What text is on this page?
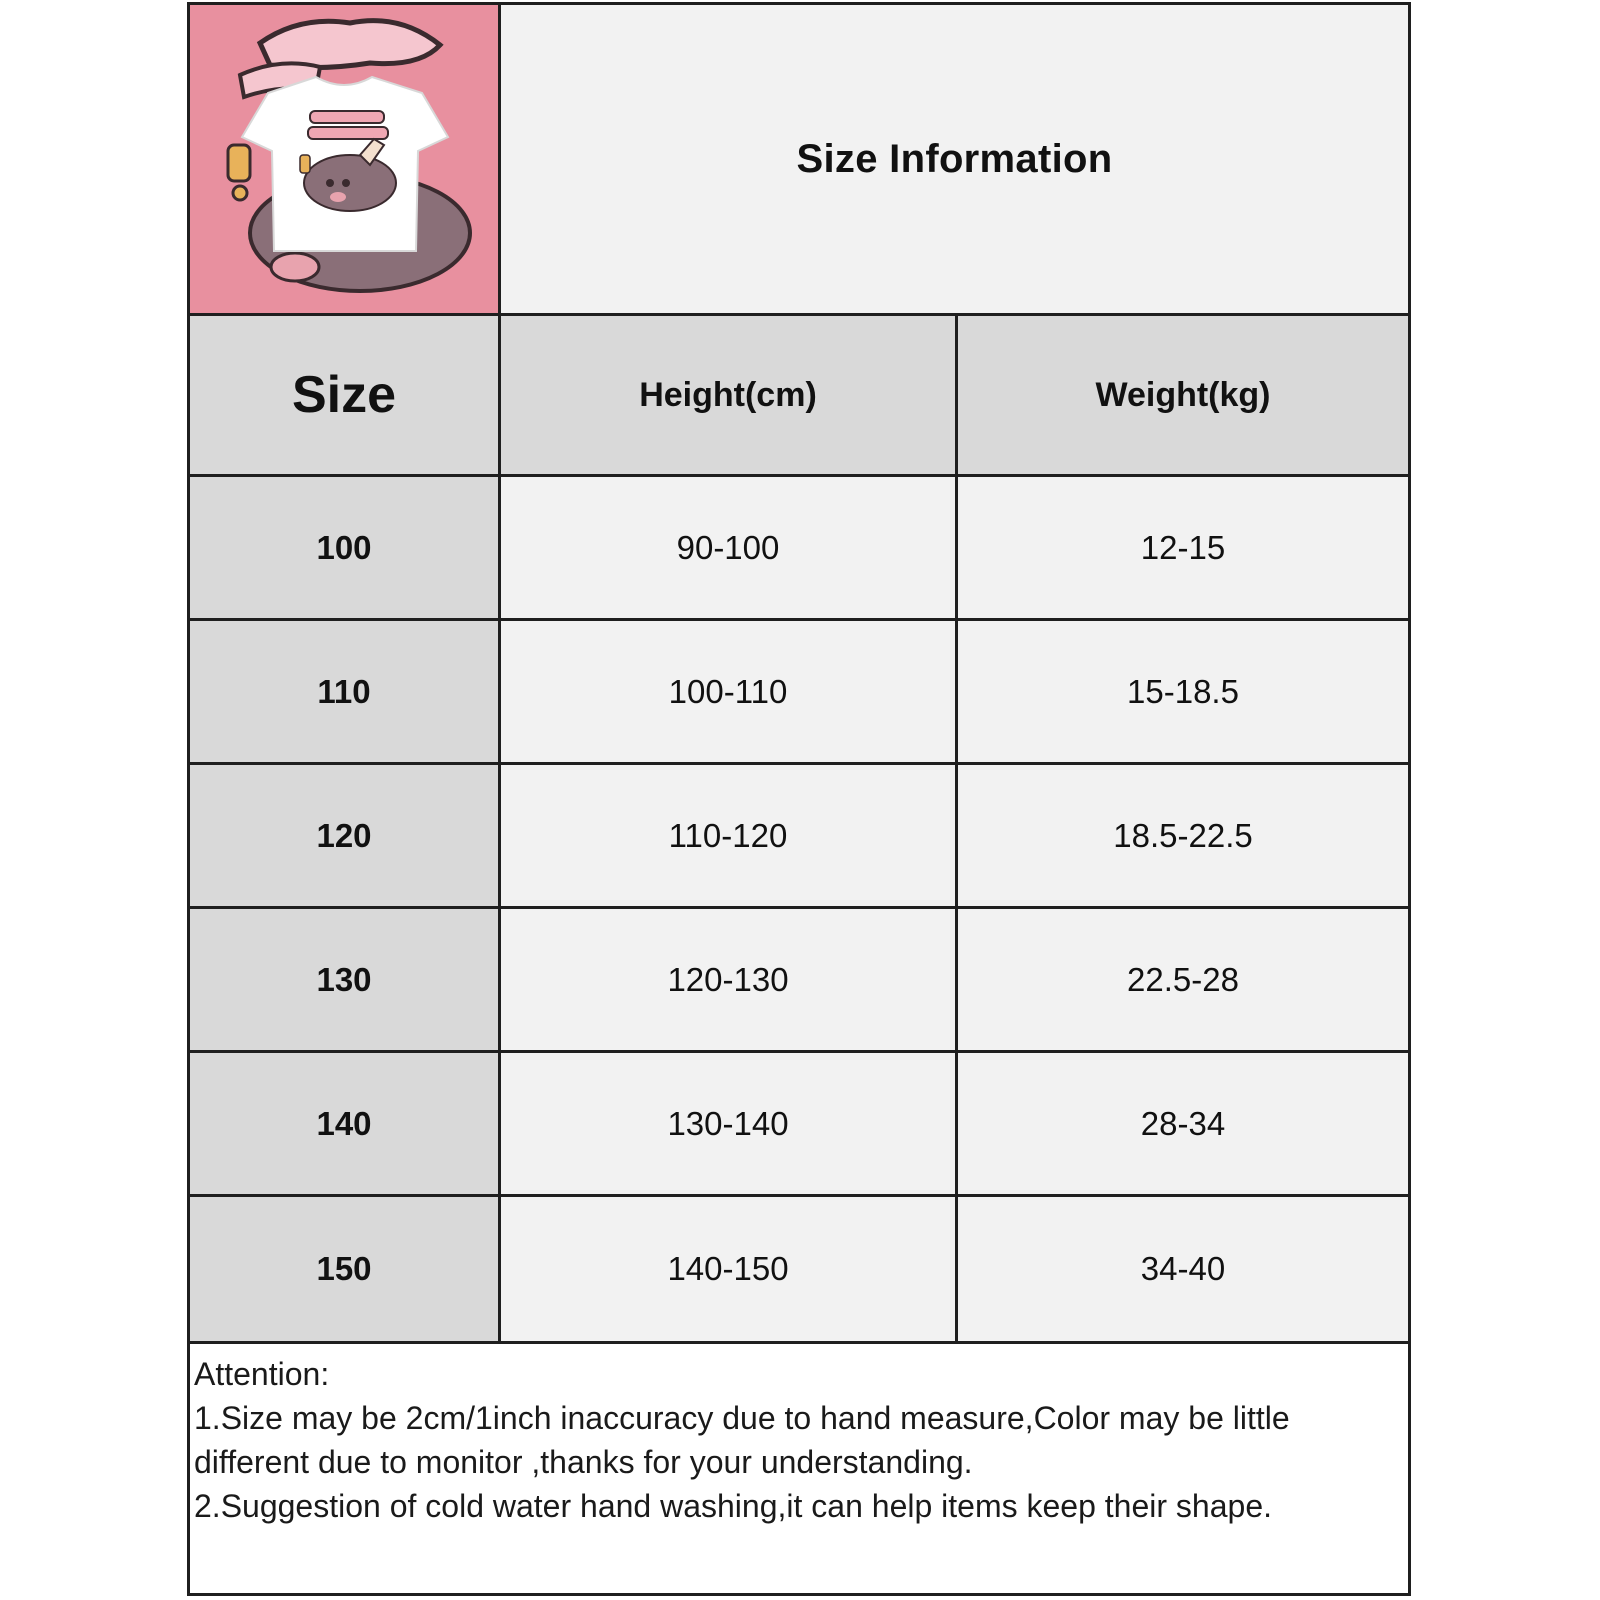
Size Information
Size	Height(cm)	Weight(kg)
100	90-100	12-15
110	100-110	15-18.5
120	110-120	18.5-22.5
130	120-130	22.5-28
140	130-140	28-34
150	140-150	34-40

Attention:

1.Size may be 2cm/1inch inaccuracy due to hand measure,Color may be little different due to monitor ,thanks for your understanding.

2.Suggestion of cold water hand washing,it can help items keep their shape.
